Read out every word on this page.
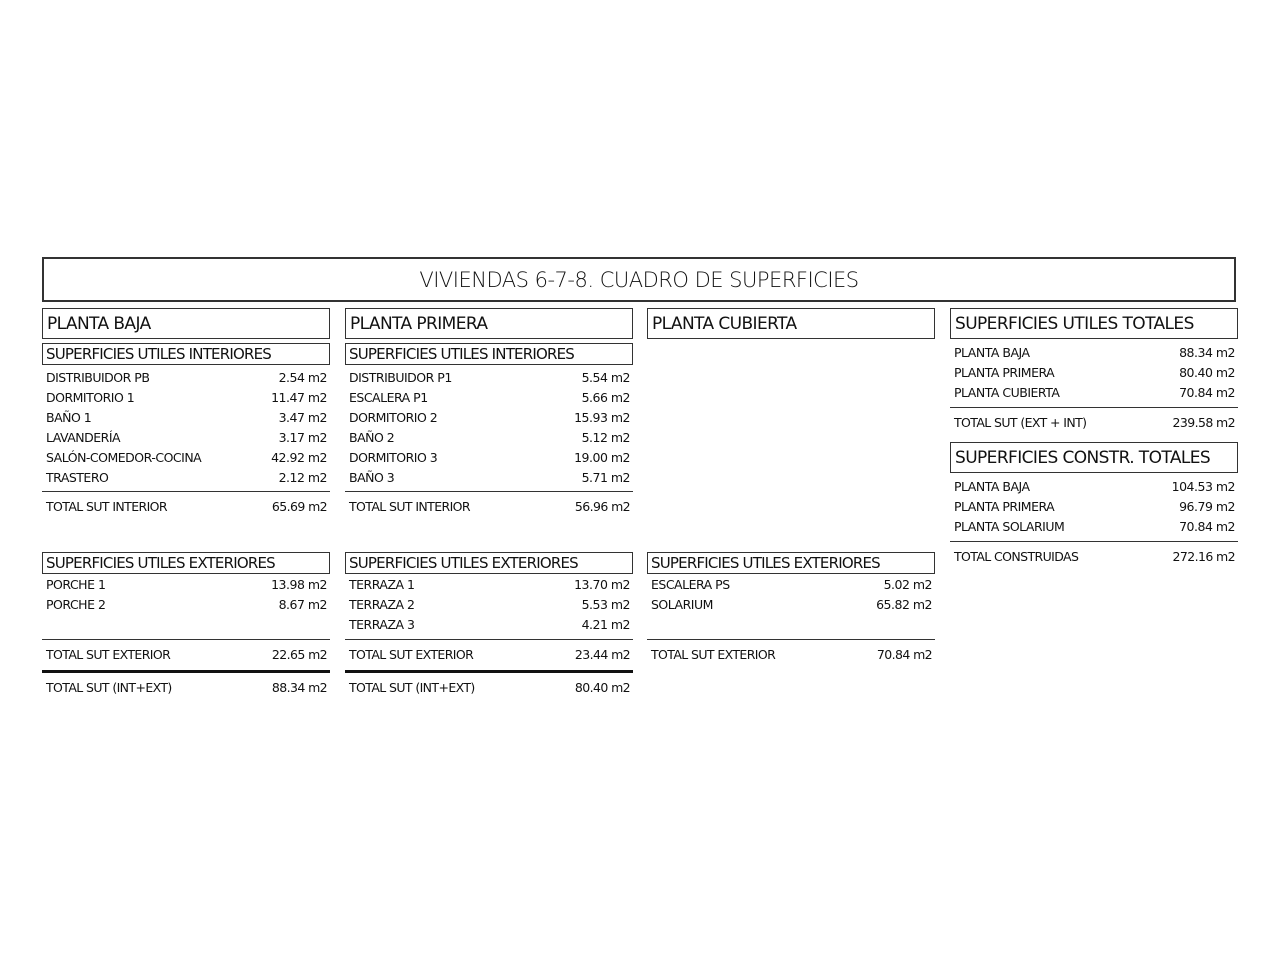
VIVIENDAS 6-7-8. CUADRO DE SUPERFICIES
PLANTA BAJA
SUPERFICIES UTILES INTERIORES
DISTRIBUIDOR PB	2.54 m2
DORMITORIO 1	11.47 m2
BAÑO 1	3.47 m2
LAVANDERÍA	3.17 m2
SALÓN-COMEDOR-COCINA	42.92 m2
TRASTERO	2.12 m2
TOTAL SUT INTERIOR	65.69 m2
SUPERFICIES UTILES EXTERIORES
PORCHE 1	13.98 m2
PORCHE 2	8.67 m2
TOTAL SUT EXTERIOR	22.65 m2
TOTAL SUT (INT+EXT)	88.34 m2
PLANTA PRIMERA
SUPERFICIES UTILES INTERIORES
DISTRIBUIDOR P1	5.54 m2
ESCALERA P1	5.66 m2
DORMITORIO 2	15.93 m2
BAÑO 2	5.12 m2
DORMITORIO 3	19.00 m2
BAÑO 3	5.71 m2
TOTAL SUT INTERIOR	56.96 m2
SUPERFICIES UTILES EXTERIORES
TERRAZA 1	13.70 m2
TERRAZA 2	5.53 m2
TERRAZA 3	4.21 m2
TOTAL SUT EXTERIOR	23.44 m2
TOTAL SUT (INT+EXT)	80.40 m2
PLANTA CUBIERTA
SUPERFICIES UTILES EXTERIORES
ESCALERA PS	5.02 m2
SOLARIUM	65.82 m2
TOTAL SUT EXTERIOR	70.84 m2
SUPERFICIES UTILES TOTALES
PLANTA BAJA	88.34 m2
PLANTA PRIMERA	80.40 m2
PLANTA CUBIERTA	70.84 m2
TOTAL SUT (EXT + INT)	239.58 m2
SUPERFICIES CONSTR. TOTALES
PLANTA BAJA	104.53 m2
PLANTA PRIMERA	96.79 m2
PLANTA SOLARIUM	70.84 m2
TOTAL CONSTRUIDAS	272.16 m2
